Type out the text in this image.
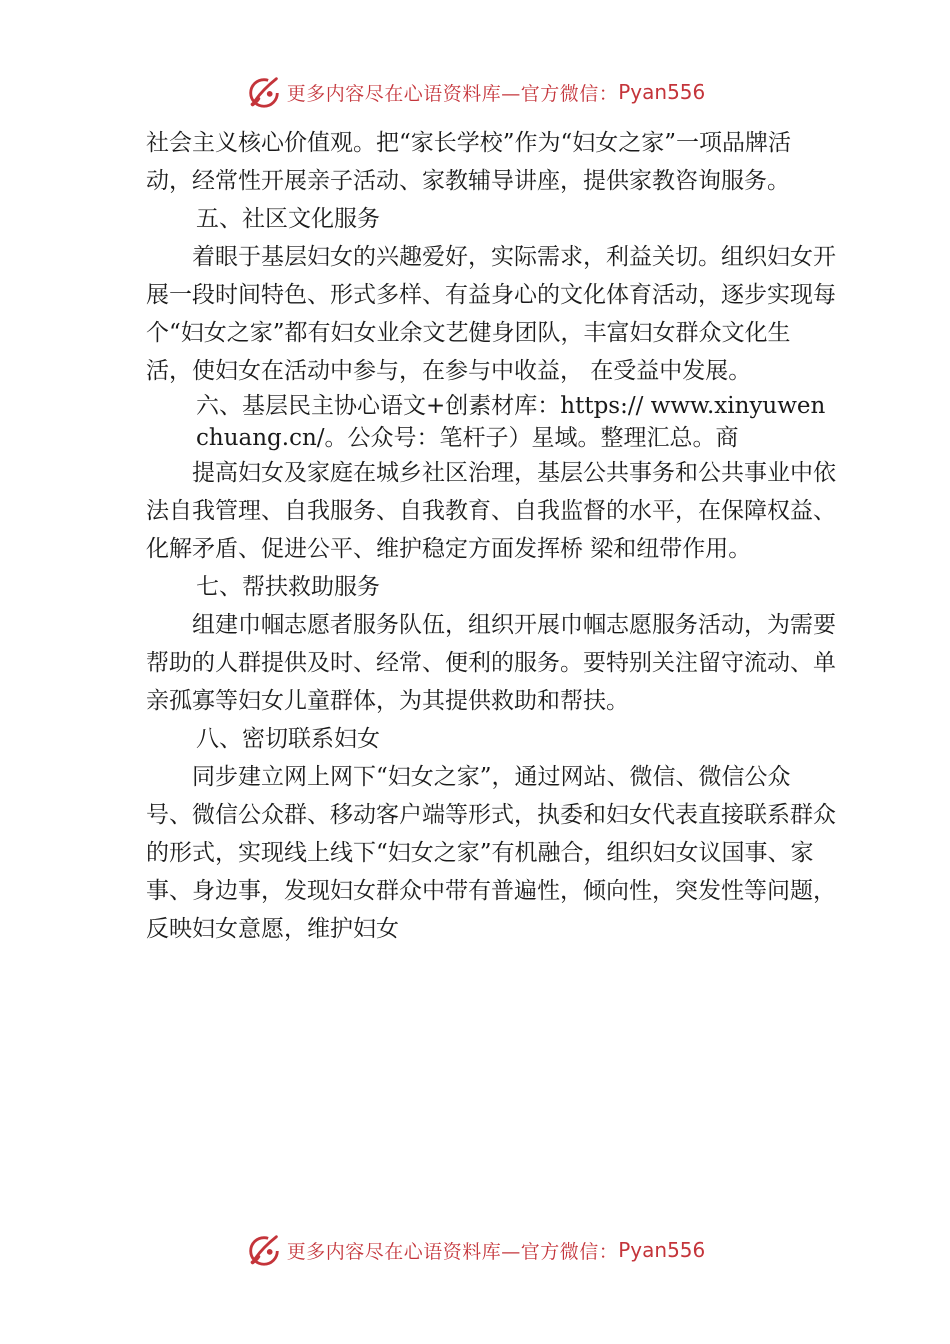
更多内容尽在心语资料库—官方微信： Pyan556

社会主义核心价值观。把“家长学校”作为“妇女之家”一项品牌活动，经常性开展亲子活动、家教辅导讲座，提供家教咨询服务。

五、社区文化服务

着眼于基层妇女的兴趣爱好，实际需求，利益关切。组织妇女开展一段时间特色、形式多样、有益身心的文化体育活动，逐步实现每个“妇女之家”都有妇女业余文艺健身团队，丰富妇女群众文化生活，使妇女在活动中参与，在参与中收益， 在受益中发展。

六、基层民主协心语文+创素材库：https:// www.xinyuwenchuang.cn/。公众号：笔杆子）星域。整理汇总。商

提高妇女及家庭在城乡社区治理，基层公共事务和公共事业中依法自我管理、自我服务、自我教育、自我监督的水平，在保障权益、化解矛盾、促进公平、维护稳定方面发挥桥 梁和纽带作用。

七、帮扶救助服务

组建巾帼志愿者服务队伍，组织开展巾帼志愿服务活动，为需要帮助的人群提供及时、经常、便利的服务。要特别关注留守流动、单亲孤寡等妇女儿童群体，为其提供救助和帮扶。

八、密切联系妇女

同步建立网上网下“妇女之家”，通过网站、微信、微信公众号、微信公众群、移动客户端等形式，执委和妇女代表直接联系群众的形式，实现线上线下“妇女之家”有机融合，组织妇女议国事、家事、身边事，发现妇女群众中带有普遍性，倾向性，突发性等问题，反映妇女意愿，维护妇女

更多内容尽在心语资料库—官方微信： Pyan556
